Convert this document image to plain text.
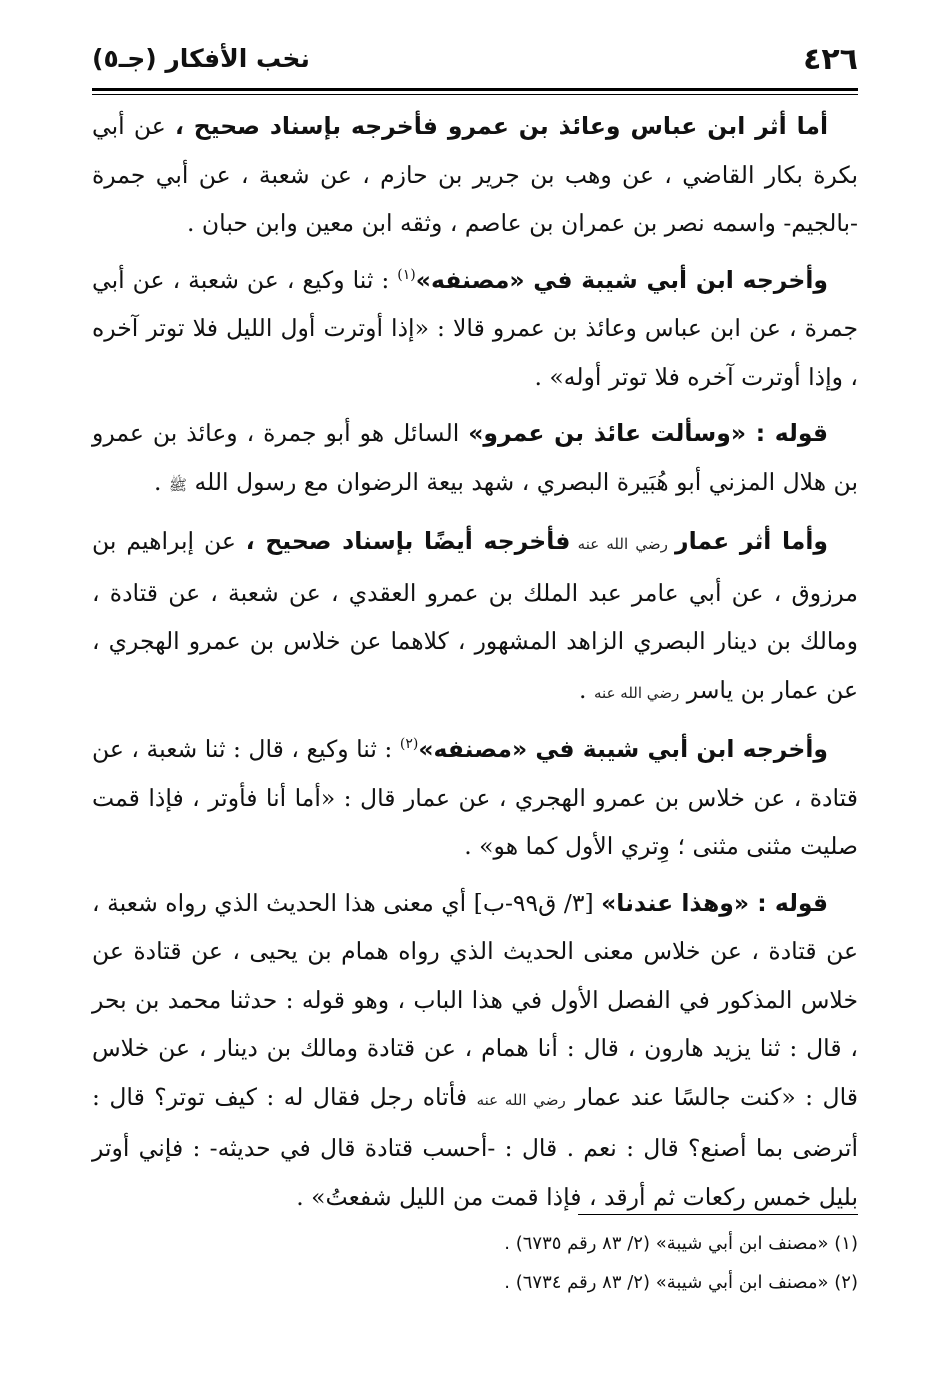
٤٢٦
نخب الأفكار (جـ٥)

أما أثر ابن عباس وعائذ بن عمرو فأخرجه بإسناد صحيح ، عن أبي بكرة بكار القاضي ، عن وهب بن جرير بن حازم ، عن شعبة ، عن أبي جمرة -بالجيم- واسمه نصر بن عمران بن عاصم ، وثقه ابن معين وابن حبان .

وأخرجه ابن أبي شيبة في «مصنفه»$^{(١)}$ : ثنا وكيع ، عن شعبة ، عن أبي جمرة ، عن ابن عباس وعائذ بن عمرو قالا : «إذا أوترت أول الليل فلا توتر آخره ، وإذا أوترت آخره فلا توتر أوله» .

قوله : «وسألت عائذ بن عمرو» السائل هو أبو جمرة ، وعائذ بن عمرو بن هلال المزني أبو هُبَيرة البصري ، شهد بيعة الرضوان مع رسول الله ﷺ .

وأما أثر عمار رضي الله عنه فأخرجه أيضًا بإسناد صحيح ، عن إبراهيم بن مرزوق ، عن أبي عامر عبد الملك بن عمرو العقدي ، عن شعبة ، عن قتادة ، ومالك بن دينار البصري الزاهد المشهور ، كلاهما عن خلاس بن عمرو الهجري ، عن عمار بن ياسر رضي الله عنه .

وأخرجه ابن أبي شيبة في «مصنفه»$^{(٢)}$ : ثنا وكيع ، قال : ثنا شعبة ، عن قتادة ، عن خلاس بن عمرو الهجري ، عن عمار قال : «أما أنا فأوتر ، فإذا قمت صليت مثنى مثنى ؛ وِتري الأول كما هو» .

قوله : «وهذا عندنا» [٣/ ق٩٩-ب] أي معنى هذا الحديث الذي رواه شعبة ، عن قتادة ، عن خلاس معنى الحديث الذي رواه همام بن يحيى ، عن قتادة عن خلاس المذكور في الفصل الأول في هذا الباب ، وهو قوله : حدثنا محمد بن بحر ، قال : ثنا يزيد هارون ، قال : أنا همام ، عن قتادة ومالك بن دينار ، عن خلاس قال : «كنت جالسًا عند عمار رضي الله عنه فأتاه رجل فقال له : كيف توتر؟ قال : أترضى بما أصنع؟ قال : نعم . قال : -أحسب قتادة قال في حديثه- : فإني أوتر بليل خمس ركعات ثم أرقد ، فإذا قمت من الليل شفعتُ» .

(١) «مصنف ابن أبي شيبة» (٢/ ٨٣ رقم ٦٧٣٥) .

(٢) «مصنف ابن أبي شيبة» (٢/ ٨٣ رقم ٦٧٣٤) .
